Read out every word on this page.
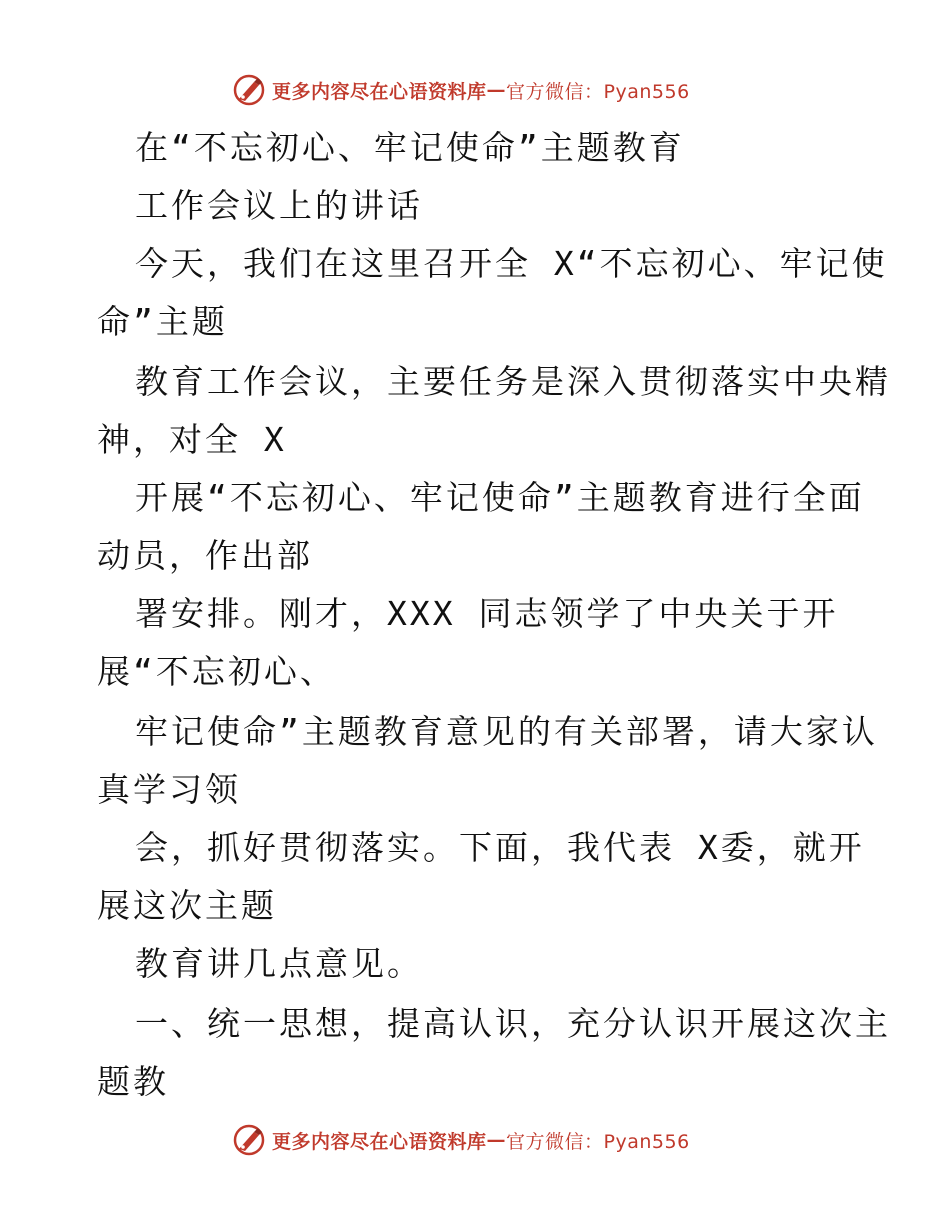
更多内容尽在心语资料库 — 官方微信：Pyan556
在“不忘初心、牢记使命”主题教育
工作会议上的讲话
今天，我们在这里召开全 X“不忘初心、牢记使
命”主题
教育工作会议，主要任务是深入贯彻落实中央精
神，对全 X
开展“不忘初心、牢记使命”主题教育进行全面
动员，作出部
署安排。刚才，XXX 同志领学了中央关于开
展“不忘初心、
牢记使命”主题教育意见的有关部署，请大家认
真学习领
会，抓好贯彻落实。下面，我代表 X委，就开
展这次主题
教育讲几点意见。
一、统一思想，提高认识，充分认识开展这次主
题教
更多内容尽在心语资料库 — 官方微信：Pyan556
